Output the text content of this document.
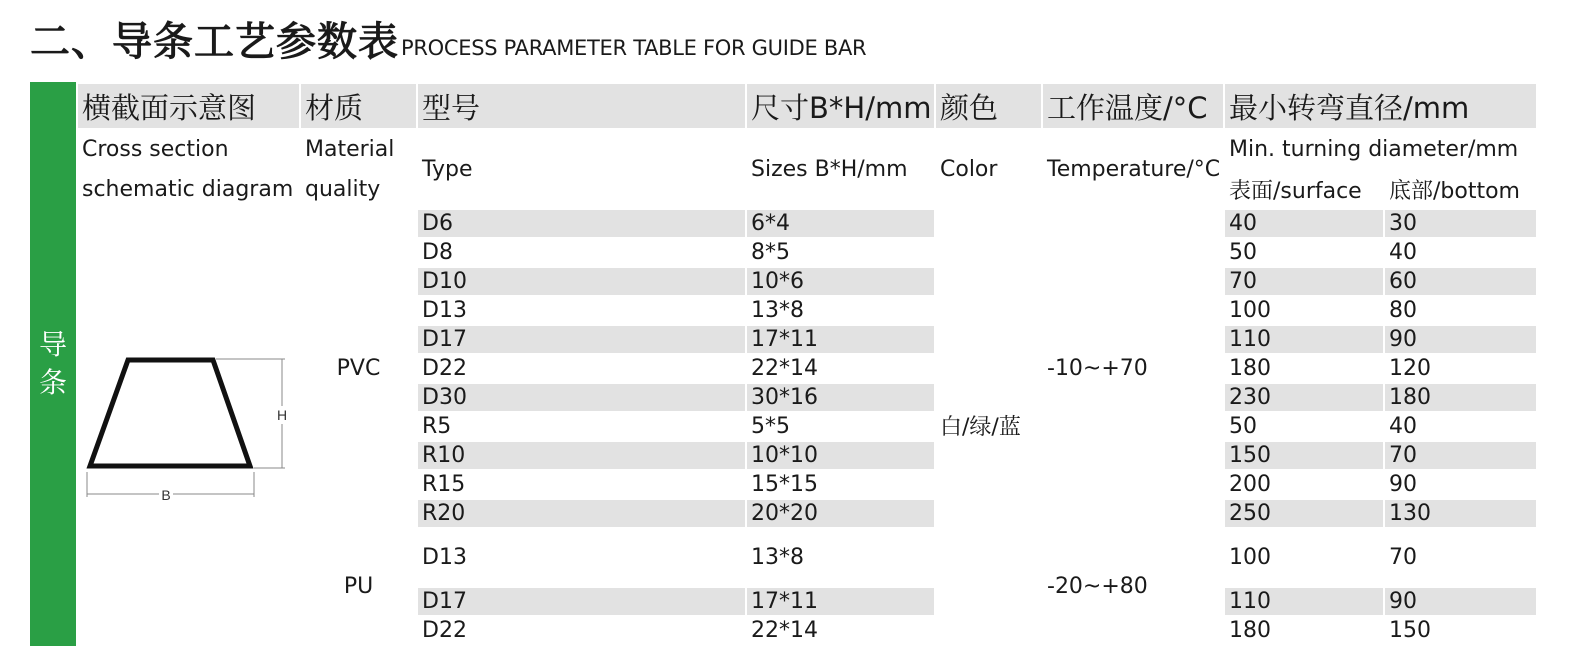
二、导条工艺参数表PROCESS PARAMETER TABLE FOR GUIDE BAR
导
条
横截面示意图	材质	型号	尺寸B*H/mm	颜色	工作温度/°C	最小转弯直径/mm	
Cross section	Material	Type	Sizes B*H/mm	Color	Temperature/°C	Min. turning diameter/mm	
schematic diagram	quality					表面/surface	底部/bottom

H
B	PVC	D6	6*4	白/绿/蓝	-10~+70	40	30
		D8	8*5			50	40
		D10	10*6			70	60
		D13	13*8			100	80
		D17	17*11			110	90
		D22	22*14			180	120
		D30	30*16			230	180
		R5	5*5			50	40
		R10	10*10			150	70
		R15	15*15			200	90
		R20	20*20			250	130
	PU	D13	13*8		-20~+80	100	70
		D17	17*11			110	90
		D22	22*14			180	150
